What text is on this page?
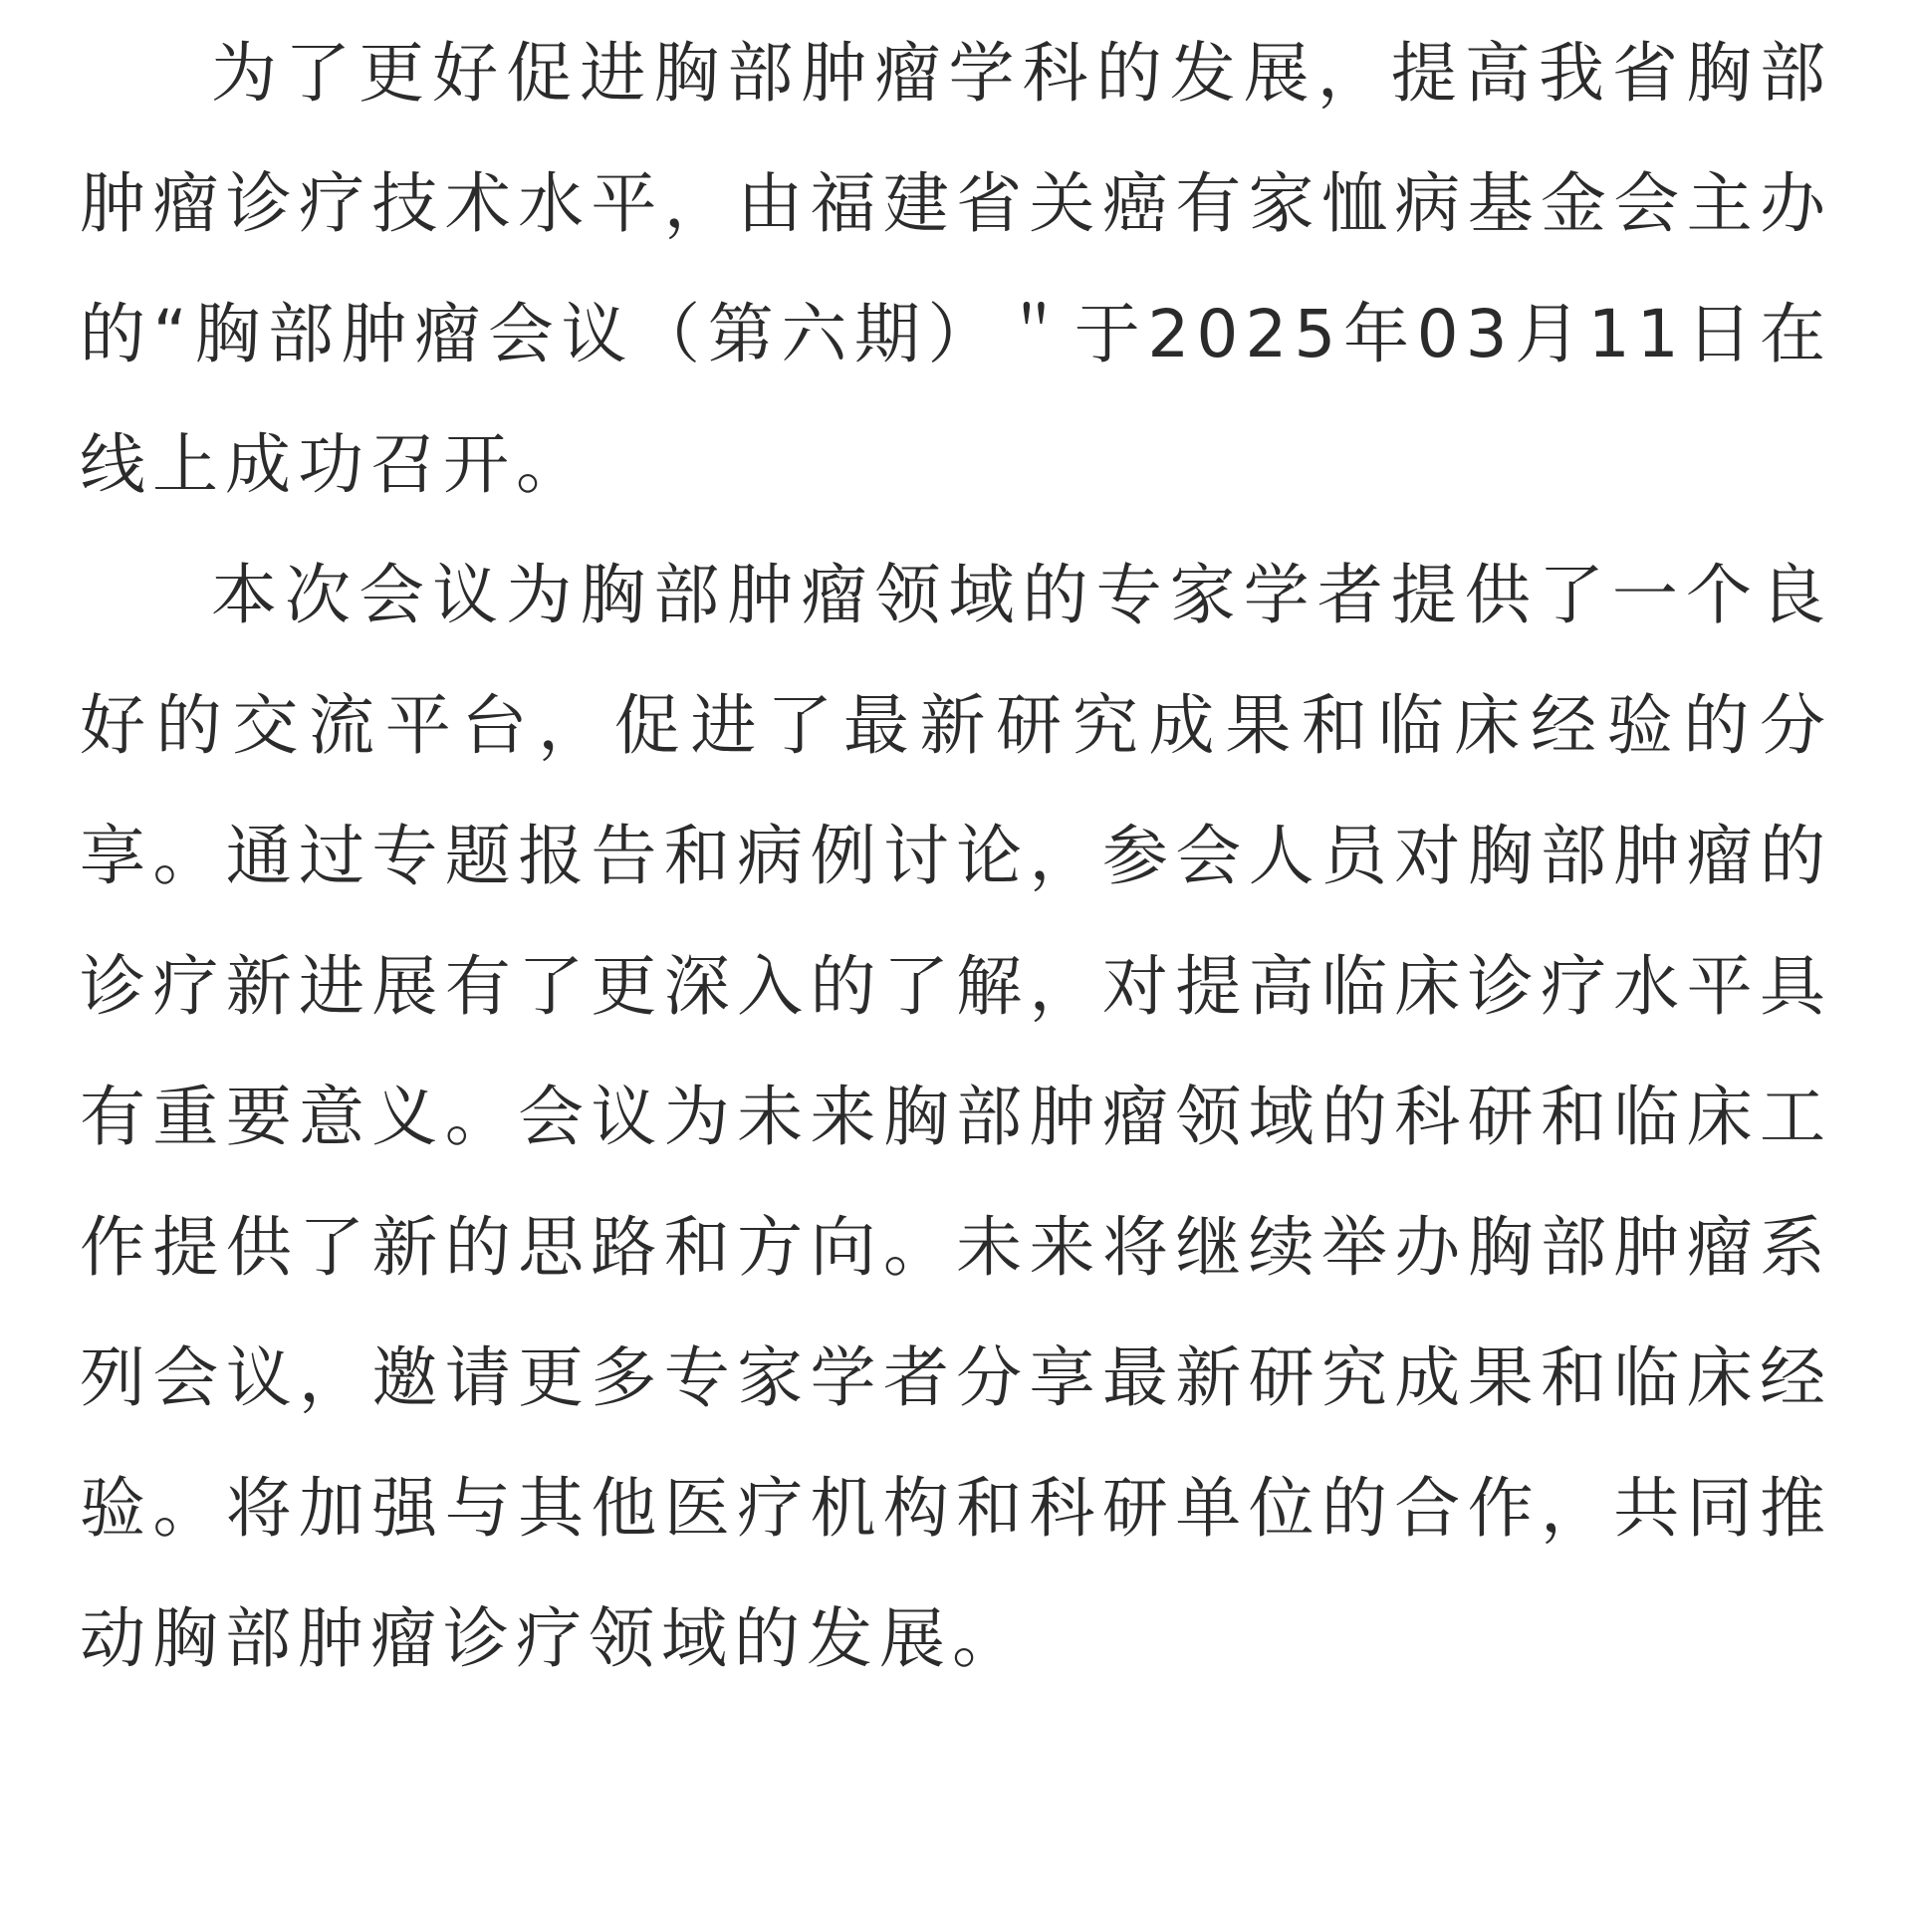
为了更好促进胸部肿瘤学科的发展，提高我省胸部肿瘤诊疗技术水平，由福建省关癌有家恤病基金会主办的“胸部肿瘤会议（第六期）＂于2025年03月11日在线上成功召开。

本次会议为胸部肿瘤领域的专家学者提供了一个良好的交流平台，促进了最新研究成果和临床经验的分享。通过专题报告和病例讨论，参会人员对胸部肿瘤的诊疗新进展有了更深入的了解，对提高临床诊疗水平具有重要意义。会议为未来胸部肿瘤领域的科研和临床工作提供了新的思路和方向。未来将继续举办胸部肿瘤系列会议，邀请更多专家学者分享最新研究成果和临床经验。将加强与其他医疗机构和科研单位的合作，共同推动胸部肿瘤诊疗领域的发展。
